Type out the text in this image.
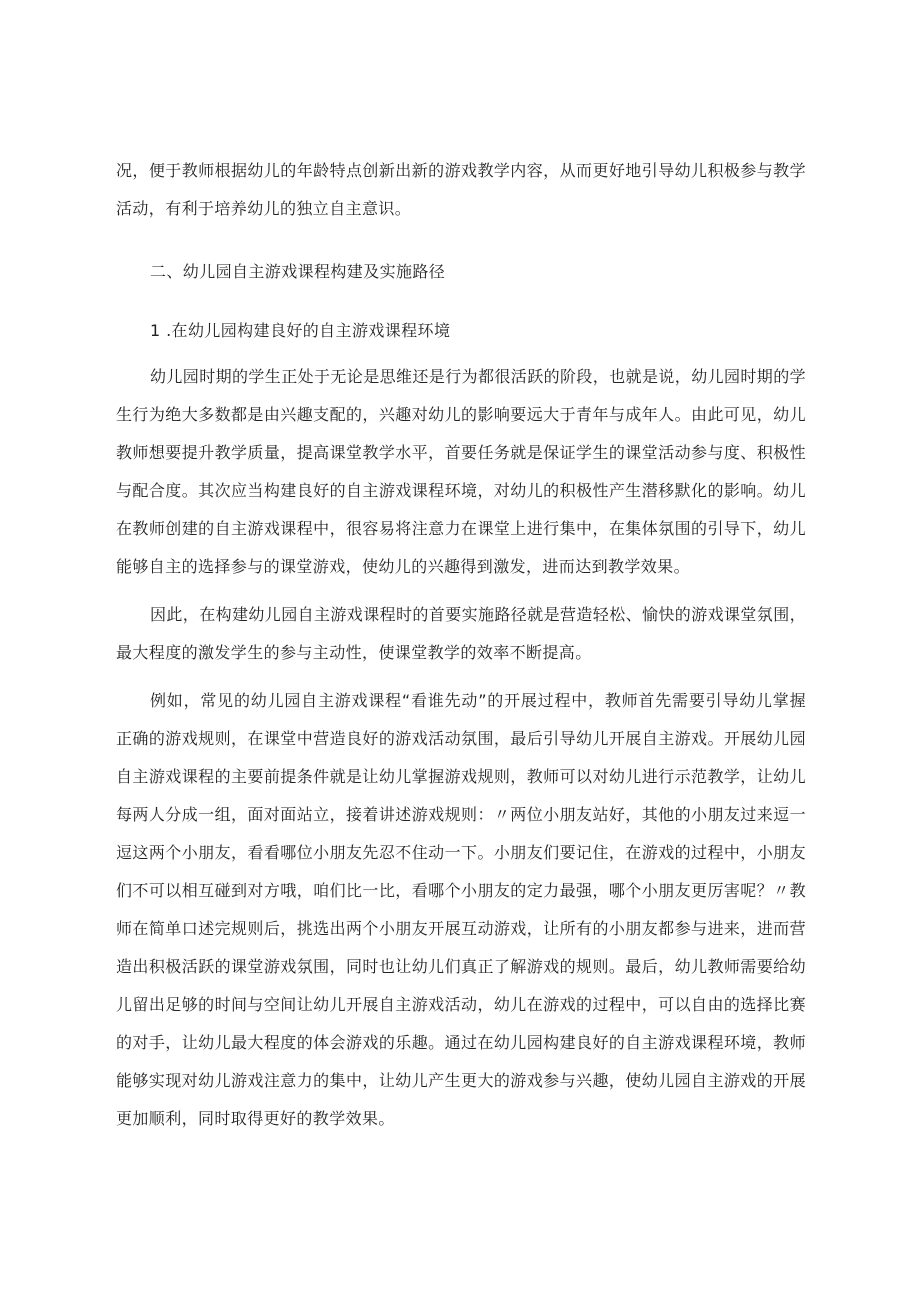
况，便于教师根据幼儿的年龄特点创新出新的游戏教学内容，从而更好地引导幼儿积极参与教学活动，有利于培养幼儿的独立自主意识。

二、幼儿园自主游戏课程构建及实施路径

1 .在幼儿园构建良好的自主游戏课程环境

幼儿园时期的学生正处于无论是思维还是行为都很活跃的阶段，也就是说，幼儿园时期的学生行为绝大多数都是由兴趣支配的，兴趣对幼儿的影响要远大于青年与成年人。由此可见，幼儿教师想要提升教学质量，提高课堂教学水平，首要任务就是保证学生的课堂活动参与度、积极性与配合度。其次应当构建良好的自主游戏课程环境，对幼儿的积极性产生潜移默化的影响。幼儿在教师创建的自主游戏课程中，很容易将注意力在课堂上进行集中，在集体氛围的引导下，幼儿能够自主的选择参与的课堂游戏，使幼儿的兴趣得到激发，进而达到教学效果。

因此，在构建幼儿园自主游戏课程时的首要实施路径就是营造轻松、愉快的游戏课堂氛围，最大程度的激发学生的参与主动性，使课堂教学的效率不断提高。

例如，常见的幼儿园自主游戏课程“看谁先动”的开展过程中，教师首先需要引导幼儿掌握正确的游戏规则，在课堂中营造良好的游戏活动氛围，最后引导幼儿开展自主游戏。开展幼儿园自主游戏课程的主要前提条件就是让幼儿掌握游戏规则，教师可以对幼儿进行示范教学，让幼儿每两人分成一组，面对面站立，接着讲述游戏规则：〃两位小朋友站好，其他的小朋友过来逗一逗这两个小朋友，看看哪位小朋友先忍不住动一下。小朋友们要记住，在游戏的过程中，小朋友们不可以相互碰到对方哦，咱们比一比，看哪个小朋友的定力最强，哪个小朋友更厉害呢？〃教师在简单口述完规则后，挑选出两个小朋友开展互动游戏，让所有的小朋友都参与进来，进而营造出积极活跃的课堂游戏氛围，同时也让幼儿们真正了解游戏的规则。最后，幼儿教师需要给幼儿留出足够的时间与空间让幼儿开展自主游戏活动，幼儿在游戏的过程中，可以自由的选择比赛的对手，让幼儿最大程度的体会游戏的乐趣。通过在幼儿园构建良好的自主游戏课程环境，教师能够实现对幼儿游戏注意力的集中，让幼儿产生更大的游戏参与兴趣，使幼儿园自主游戏的开展更加顺利，同时取得更好的教学效果。
